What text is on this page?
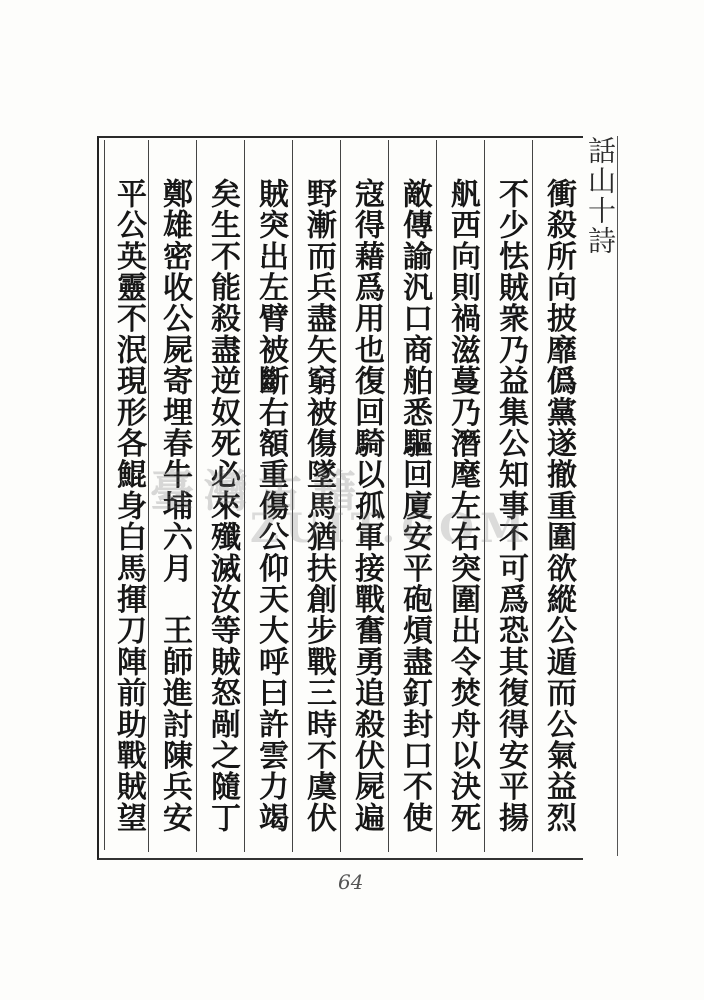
話山十詩
衝殺所向披靡僞黨遂撤重圍欲縱公遁而公氣益烈
不少怯賊衆乃益集公知事不可爲恐其復得安平揚
舤西向則禍滋蔓乃潛麾左右突圍出令焚舟以決死
敵傳諭汎口商舶悉驅回廈安平砲熕盡釘封口不使
寇得藉爲用也復回騎以孤軍接戰奮勇追殺伏屍遍
野漸而兵盡矢窮被傷墜馬猶扶創步戰三時不虞伏
賊突出左臂被斷右額重傷公仰天大呼曰許雲力竭
矣生不能殺盡逆奴死必來殲滅汝等賊怒剮之隨丁
鄭雄密收公屍寄埋春牛埔六月　王師進討陳兵安
平公英靈不泯現形各鯤身白馬揮刀陣前助戰賊望 臺灣古籍
ZUIT.COM
64
